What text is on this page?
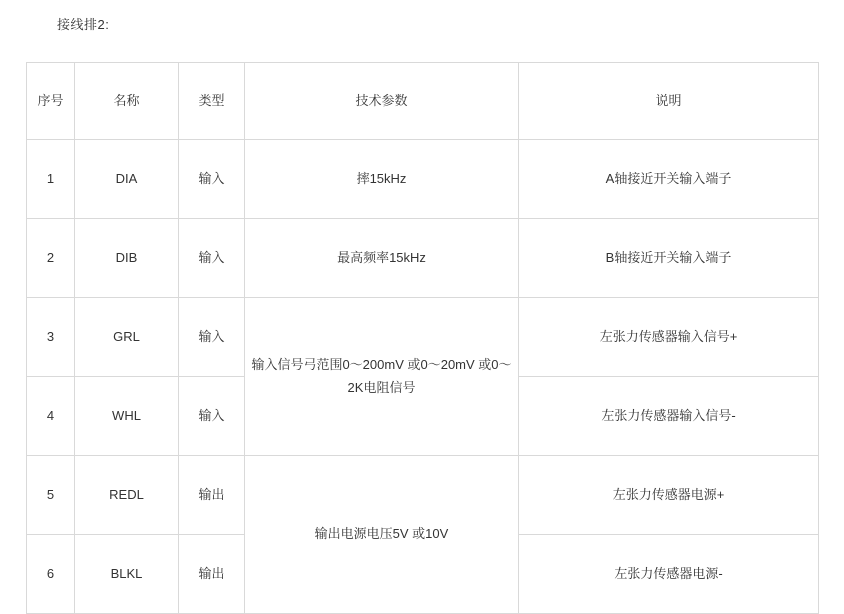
接线排2:
序号	名称	类型	技术参数	说明
1	DIA	输入	摔15kHz	A轴接近开关输入端子
2	DIB	输入	最高频率15kHz	B轴接近开关输入端子
3	GRL	输入	输入信号弓范围0〜200mV 或0〜20mV 或0〜2K电阻信号	左张力传感器输入信号+
4	WHL	输入		左张力传感器输入信号-
5	REDL	输出	输出电源电压5V 或10V	左张力传感器电源+
6	BLKL	输出		左张力传感器电源-
